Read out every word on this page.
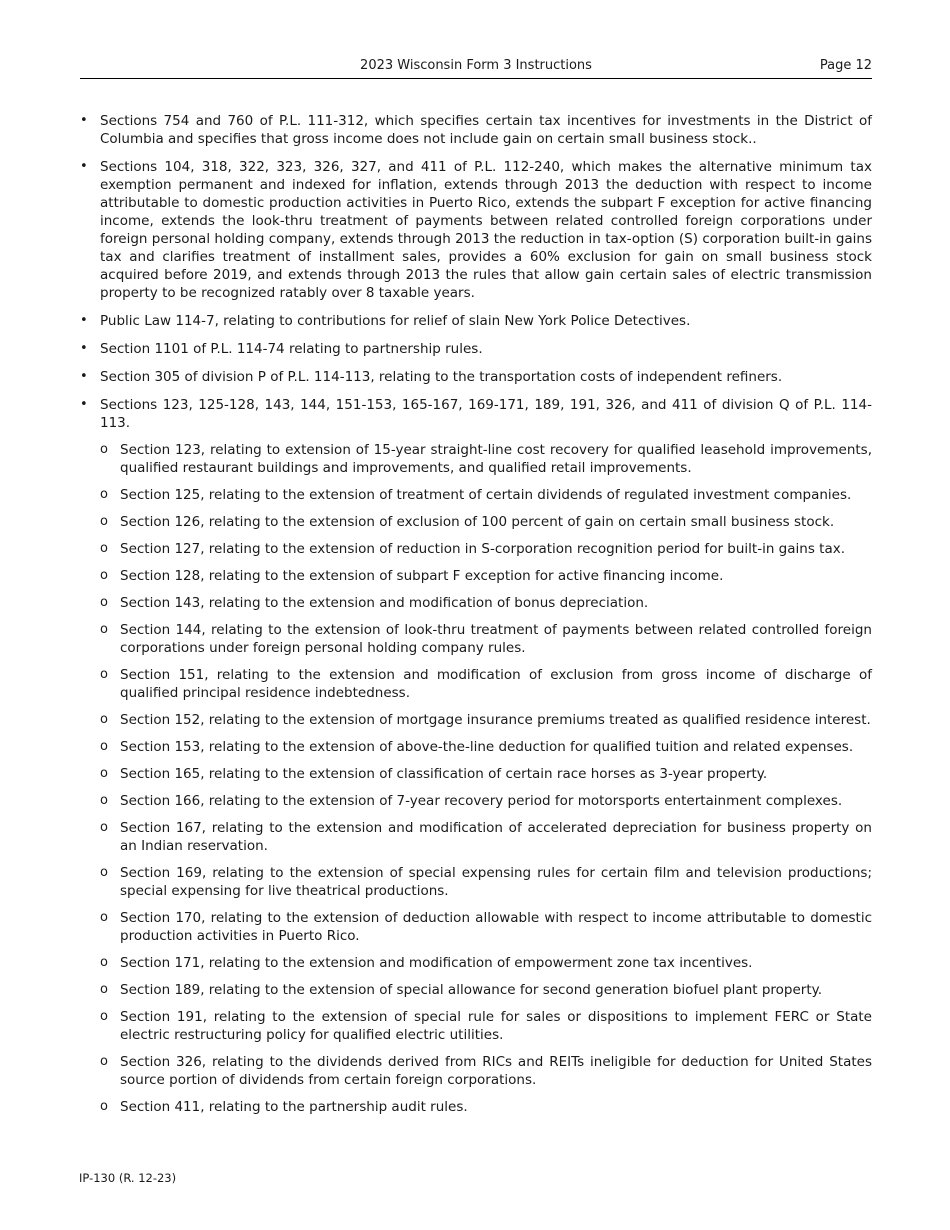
2023 Wisconsin Form 3 Instructions	Page 12
• Sections 754 and 760 of P.L. 111-312, which specifies certain tax incentives for investments in the District of Columbia and specifies that gross income does not include gain on certain small business stock..
• Sections 104, 318, 322, 323, 326, 327, and 411 of P.L. 112-240, which makes the alternative minimum tax exemption permanent and indexed for inflation, extends through 2013 the deduction with respect to income attributable to domestic production activities in Puerto Rico, extends the subpart F exception for active financing income, extends the look-thru treatment of payments between related controlled foreign corporations under foreign personal holding company, extends through 2013 the reduction in tax-option (S) corporation built-in gains tax and clarifies treatment of installment sales, provides a 60% exclusion for gain on small business stock acquired before 2019, and extends through 2013 the rules that allow gain certain sales of electric transmission property to be recognized ratably over 8 taxable years.
• Public Law 114-7, relating to contributions for relief of slain New York Police Detectives.
• Section 1101 of P.L. 114-74 relating to partnership rules.
• Section 305 of division P of P.L. 114-113, relating to the transportation costs of independent refiners.
• Sections 123, 125-128, 143, 144, 151-153, 165-167, 169-171, 189, 191, 326, and 411 of division Q of P.L. 114-113.
o Section 123, relating to extension of 15-year straight-line cost recovery for qualified leasehold improvements, qualified restaurant buildings and improvements, and qualified retail improvements.
o Section 125, relating to the extension of treatment of certain dividends of regulated investment companies.
o Section 126, relating to the extension of exclusion of 100 percent of gain on certain small business stock.
o Section 127, relating to the extension of reduction in S-corporation recognition period for built-in gains tax.
o Section 128, relating to the extension of subpart F exception for active financing income.
o Section 143, relating to the extension and modification of bonus depreciation.
o Section 144, relating to the extension of look-thru treatment of payments between related controlled foreign corporations under foreign personal holding company rules.
o Section 151, relating to the extension and modification of exclusion from gross income of discharge of qualified principal residence indebtedness.
o Section 152, relating to the extension of mortgage insurance premiums treated as qualified residence interest.
o Section 153, relating to the extension of above-the-line deduction for qualified tuition and related expenses.
o Section 165, relating to the extension of classification of certain race horses as 3-year property.
o Section 166, relating to the extension of 7-year recovery period for motorsports entertainment complexes.
o Section 167, relating to the extension and modification of accelerated depreciation for business property on an Indian reservation.
o Section 169, relating to the extension of special expensing rules for certain film and television productions; special expensing for live theatrical productions.
o Section 170, relating to the extension of deduction allowable with respect to income attributable to domestic production activities in Puerto Rico.
o Section 171, relating to the extension and modification of empowerment zone tax incentives.
o Section 189, relating to the extension of special allowance for second generation biofuel plant property.
o Section 191, relating to the extension of special rule for sales or dispositions to implement FERC or State electric restructuring policy for qualified electric utilities.
o Section 326, relating to the dividends derived from RICs and REITs ineligible for deduction for United States source portion of dividends from certain foreign corporations.
o Section 411, relating to the partnership audit rules.
IP-130 (R. 12-23)
